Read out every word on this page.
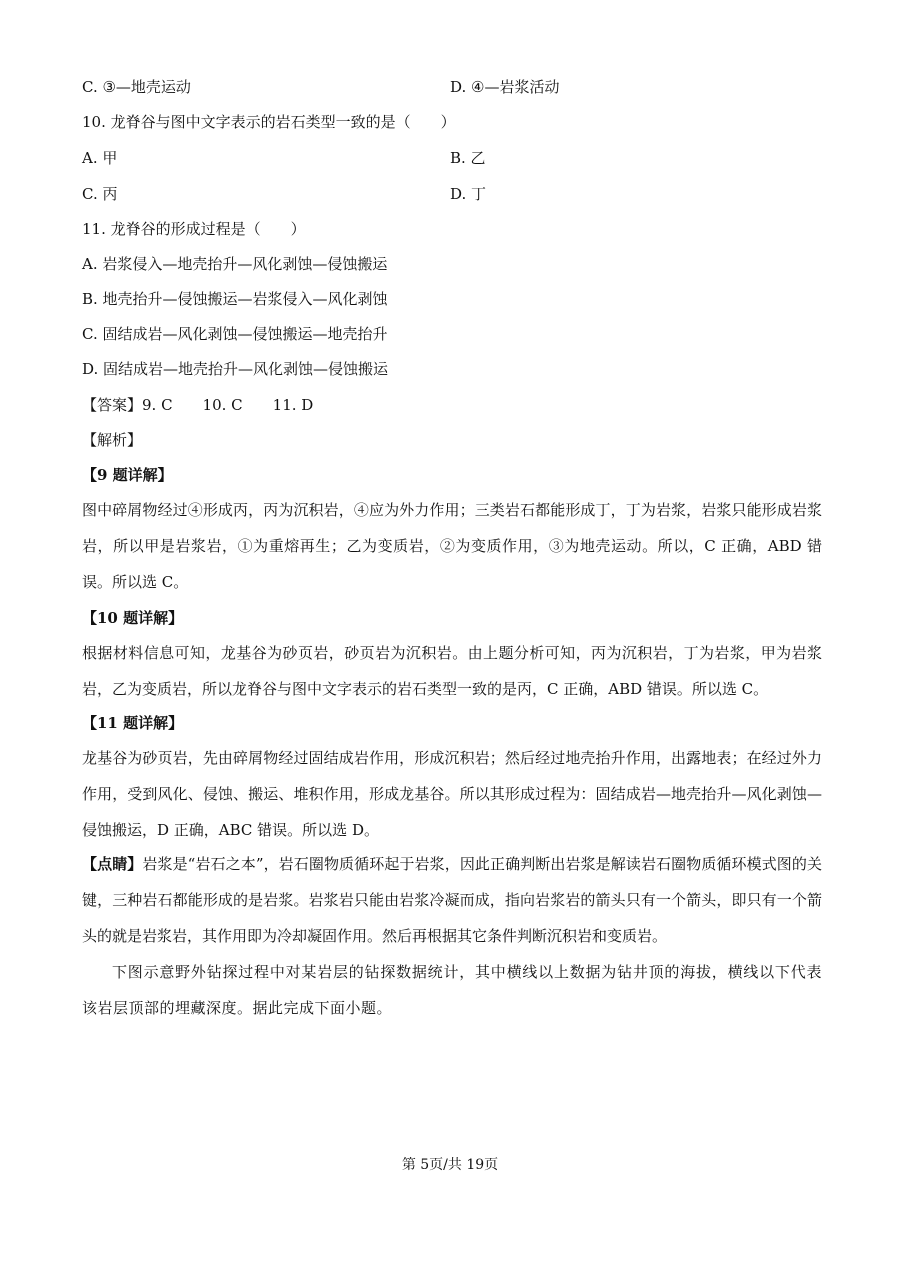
C. ③—地壳运动	D. ④—岩浆活动
10. 龙脊谷与图中文字表示的岩石类型一致的是（　　）
A. 甲	B. 乙
C. 丙	D. 丁
11. 龙脊谷的形成过程是（　　）
A. 岩浆侵入—地壳抬升—风化剥蚀—侵蚀搬运
B. 地壳抬升—侵蚀搬运—岩浆侵入—风化剥蚀
C. 固结成岩—风化剥蚀—侵蚀搬运—地壳抬升
D. 固结成岩—地壳抬升—风化剥蚀—侵蚀搬运
【答案】9. C　　10. C　　11. D
【解析】
【9 题详解】
图中碎屑物经过④形成丙，丙为沉积岩，④应为外力作用；三类岩石都能形成丁，丁为岩浆，岩浆只能形成岩浆岩，所以甲是岩浆岩，①为重熔再生；乙为变质岩，②为变质作用，③为地壳运动。所以，C 正确，ABD 错误。所以选 C。
【10 题详解】
根据材料信息可知，龙基谷为砂页岩，砂页岩为沉积岩。由上题分析可知，丙为沉积岩，丁为岩浆，甲为岩浆岩，乙为变质岩，所以龙脊谷与图中文字表示的岩石类型一致的是丙，C 正确，ABD 错误。所以选 C。
【11 题详解】
龙基谷为砂页岩，先由碎屑物经过固结成岩作用，形成沉积岩；然后经过地壳抬升作用，出露地表；在经过外力作用，受到风化、侵蚀、搬运、堆积作用，形成龙基谷。所以其形成过程为：固结成岩—地壳抬升—风化剥蚀—侵蚀搬运，D 正确，ABC 错误。所以选 D。
【点睛】岩浆是“岩石之本”，岩石圈物质循环起于岩浆，因此正确判断出岩浆是解读岩石圈物质循环模式图的关键，三种岩石都能形成的是岩浆。岩浆岩只能由岩浆冷凝而成，指向岩浆岩的箭头只有一个箭头，即只有一个箭头的就是岩浆岩，其作用即为冷却凝固作用。然后再根据其它条件判断沉积岩和变质岩。
下图示意野外钻探过程中对某岩层的钻探数据统计，其中横线以上数据为钻井顶的海拔，横线以下代表该岩层顶部的埋藏深度。据此完成下面小题。
第 5页/共 19页
